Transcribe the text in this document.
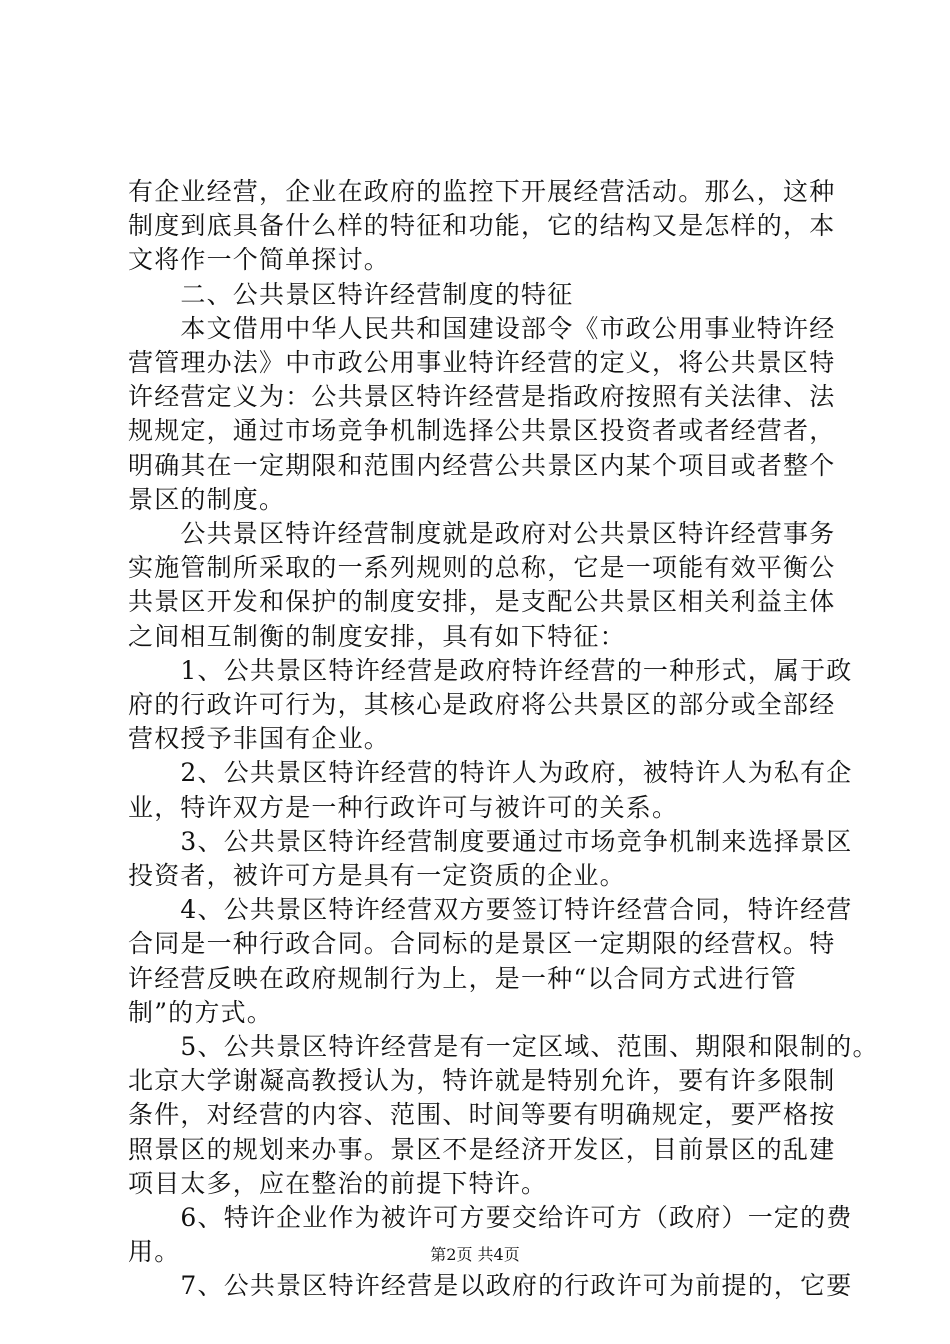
有企业经营，企业在政府的监控下开展经营活动。那么，这种
制度到底具备什么样的特征和功能，它的结构又是怎样的，本
文将作一个简单探讨。
　　二、公共景区特许经营制度的特征
　　本文借用中华人民共和国建设部令《市政公用事业特许经
营管理办法》中市政公用事业特许经营的定义，将公共景区特
许经营定义为：公共景区特许经营是指政府按照有关法律、法
规规定，通过市场竞争机制选择公共景区投资者或者经营者，
明确其在一定期限和范围内经营公共景区内某个项目或者整个
景区的制度。
　　公共景区特许经营制度就是政府对公共景区特许经营事务
实施管制所采取的一系列规则的总称，它是一项能有效平衡公
共景区开发和保护的制度安排，是支配公共景区相关利益主体
之间相互制衡的制度安排，具有如下特征：
　　1、公共景区特许经营是政府特许经营的一种形式，属于政
府的行政许可行为，其核心是政府将公共景区的部分或全部经
营权授予非国有企业。
　　2、公共景区特许经营的特许人为政府，被特许人为私有企
业，特许双方是一种行政许可与被许可的关系。
　　3、公共景区特许经营制度要通过市场竞争机制来选择景区
投资者，被许可方是具有一定资质的企业。
　　4、公共景区特许经营双方要签订特许经营合同，特许经营
合同是一种行政合同。合同标的是景区一定期限的经营权。特
许经营反映在政府规制行为上，是一种“以合同方式进行管
制”的方式。
　　5、公共景区特许经营是有一定区域、范围、期限和限制的。
北京大学谢凝高教授认为，特许就是特别允许，要有许多限制
条件，对经营的内容、范围、时间等要有明确规定，要严格按
照景区的规划来办事。景区不是经济开发区，目前景区的乱建
项目太多，应在整治的前提下特许。
　　6、特许企业作为被许可方要交给许可方（政府）一定的费
用。
　　7、公共景区特许经营是以政府的行政许可为前提的，它要
第2页 共4页
